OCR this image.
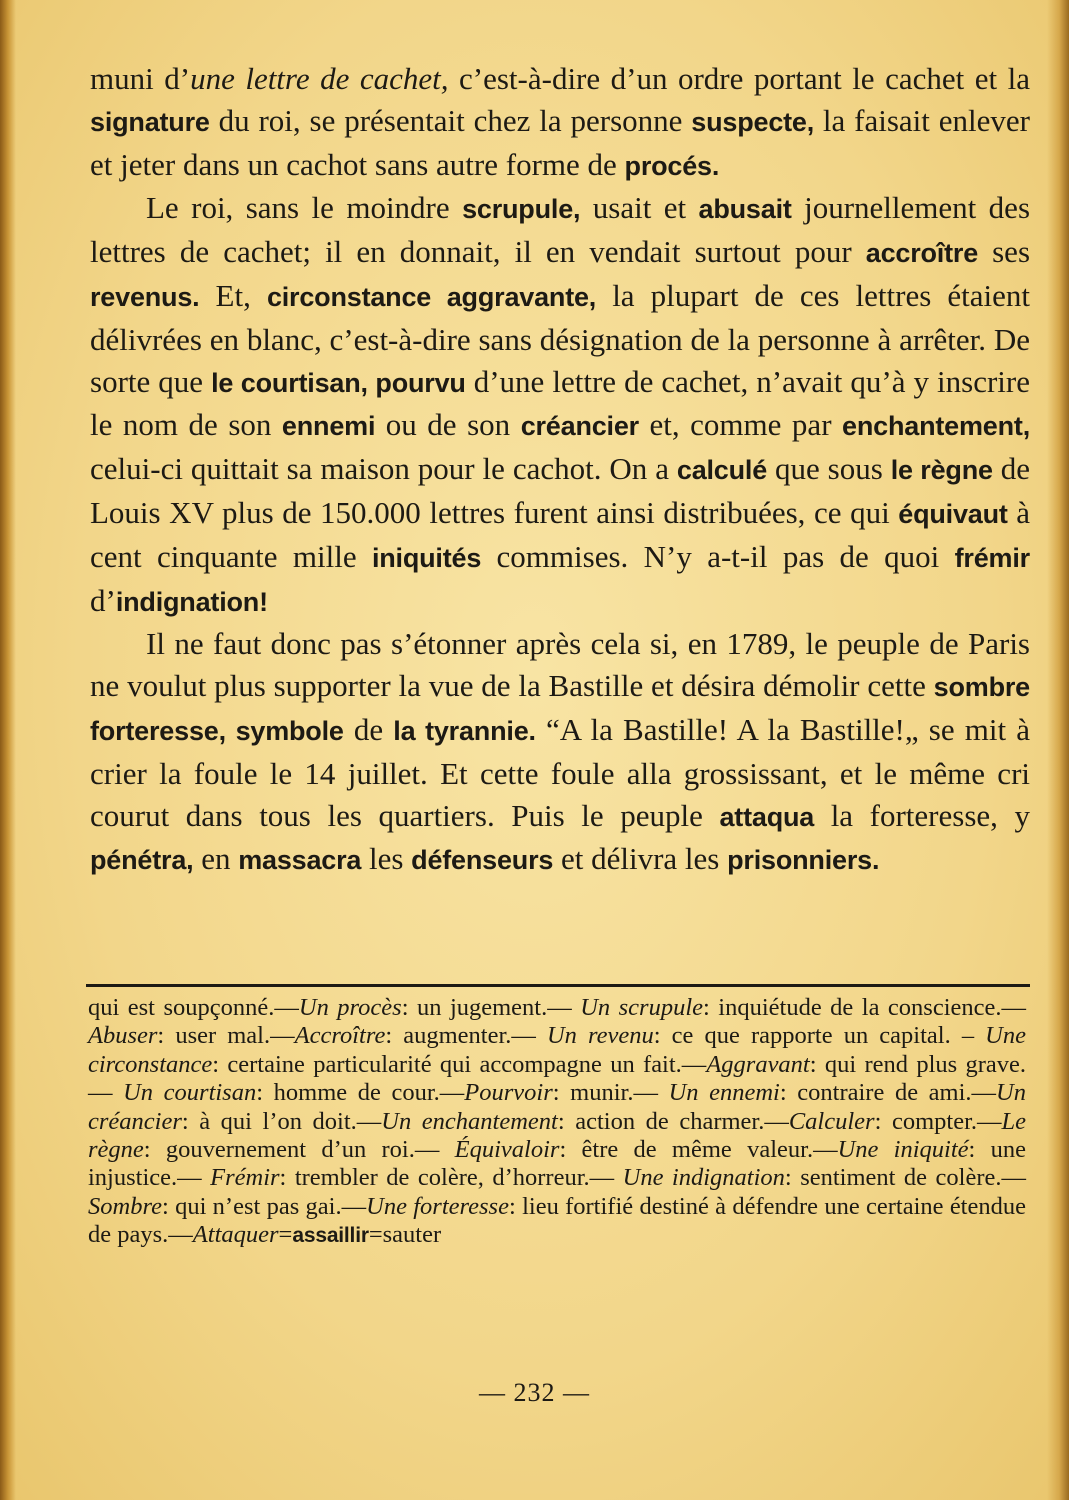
muni d’une lettre de cachet, c’est-à-dire d’un ordre portant le cachet et la signature du roi, se présentait chez la personne suspecte, la faisait enlever et jeter dans un cachot sans autre forme de procés.

Le roi, sans le moindre scrupule, usait et abusait journellement des lettres de cachet; il en donnait, il en vendait surtout pour accroître ses revenus. Et, circonstance aggravante, la plupart de ces lettres étaient délivrées en blanc, c’est-à-dire sans désignation de la personne à arrêter. De sorte que le courtisan, pourvu d’une lettre de cachet, n’avait qu’à y inscrire le nom de son ennemi ou de son créancier et, comme par enchantement, celui-ci quittait sa maison pour le cachot. On a calculé que sous le règne de Louis XV plus de 150.000 lettres furent ainsi distribuées, ce qui équivaut à cent cinquante mille iniquités commises. N’y a-t-il pas de quoi frémir d’indignation!

Il ne faut donc pas s’étonner après cela si, en 1789, le peuple de Paris ne voulut plus supporter la vue de la Bastille et désira démolir cette sombre forteresse, symbole de la tyrannie. “A la Bastille! A la Bastille!„ se mit à crier la foule le 14 juillet. Et cette foule alla grossissant, et le même cri courut dans tous les quartiers. Puis le peuple attaqua la forteresse, y pénétra, en massacra les défenseurs et délivra les prisonniers.

qui est soupçonné.—Un procès: un jugement.— Un scrupule: inquiétude de la conscience.—Abuser: user mal.—Accroître: augmenter.— Un revenu: ce que rapporte un capital. – Une circonstance: certaine particularité qui accompagne un fait.—Aggravant: qui rend plus grave.— Un courtisan: homme de cour.—Pourvoir: munir.— Un ennemi: contraire de ami.—Un créancier: à qui l’on doit.—Un enchantement: action de charmer.—Calculer: compter.—Le règne: gouvernement d’un roi.— Équivaloir: être de même valeur.—Une iniquité: une injustice.— Frémir: trembler de colère, d’horreur.— Une indignation: sentiment de colère.—Sombre: qui n’est pas gai.—Une forteresse: lieu fortifié destiné à défendre une certaine étendue de pays.—Attaquer=assaillir=sauter
— 232 —
